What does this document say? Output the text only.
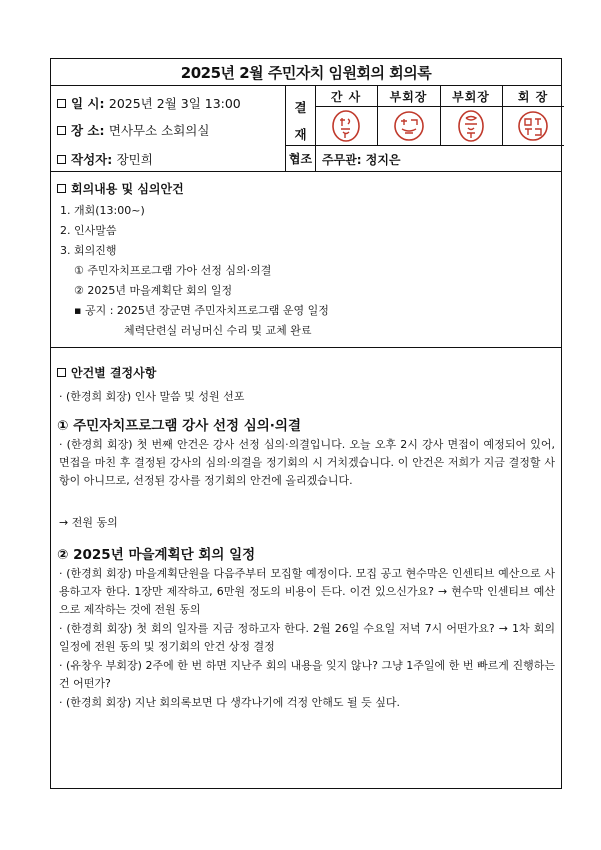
2025년 2월 주민자치 임원회의 회의록
일 시: 2025년 2월 3일 13:00
장 소: 면사무소 소회의실
작성자: 장민희
결
재
간 사	부회장	부회장	회 장
협조 주무관: 정지은
회의내용 및 심의안건
1. 개회(13:00~)
2. 인사말씀
3. 회의진행
① 주민자치프로그램 가아 선정 심의·의결
② 2025년 마을계획단 회의 일정
▪ 공지 : 2025년 장군면 주민자치프로그램 운영 일정
체력단련실 러닝머신 수리 및 교체 완료
안건별 결정사항
· (한경희 회장) 인사 말씀 및 성원 선포
① 주민자치프로그램 강사 선정 심의·의결
· (한경희 회장) 첫 번째 안건은 강사 선정 심의·의결입니다. 오늘 오후 2시 강사 면접이 예정되어 있어, 면접을 마친 후 결정된 강사의 심의·의결을 정기회의 시 거치겠습니다. 이 안건은 저희가 지금 결정할 사항이 아니므로, 선정된 강사를 정기회의 안건에 올리겠습니다.
→ 전원 동의
② 2025년 마을계획단 회의 일정
· (한경희 회장) 마을계획단원을 다음주부터 모집할 예정이다. 모집 공고 현수막은 인센티브 예산으로 사용하고자 한다. 1장만 제작하고, 6만원 정도의 비용이 든다. 이건 있으신가요? → 현수막 인센티브 예산으로 제작하는 것에 전원 동의
· (한경희 회장) 첫 회의 일자를 지금 정하고자 한다. 2월 26일 수요일 저녁 7시 어떤가요? → 1차 회의 일정에 전원 동의 및 정기회의 안건 상정 결정
· (유창우 부회장) 2주에 한 번 하면 지난주 회의 내용을 잊지 않나? 그냥 1주일에 한 번 빠르게 진행하는건 어떤가?
· (한경희 회장) 지난 회의록보면 다 생각나기에 걱정 안해도 될 듯 싶다.
